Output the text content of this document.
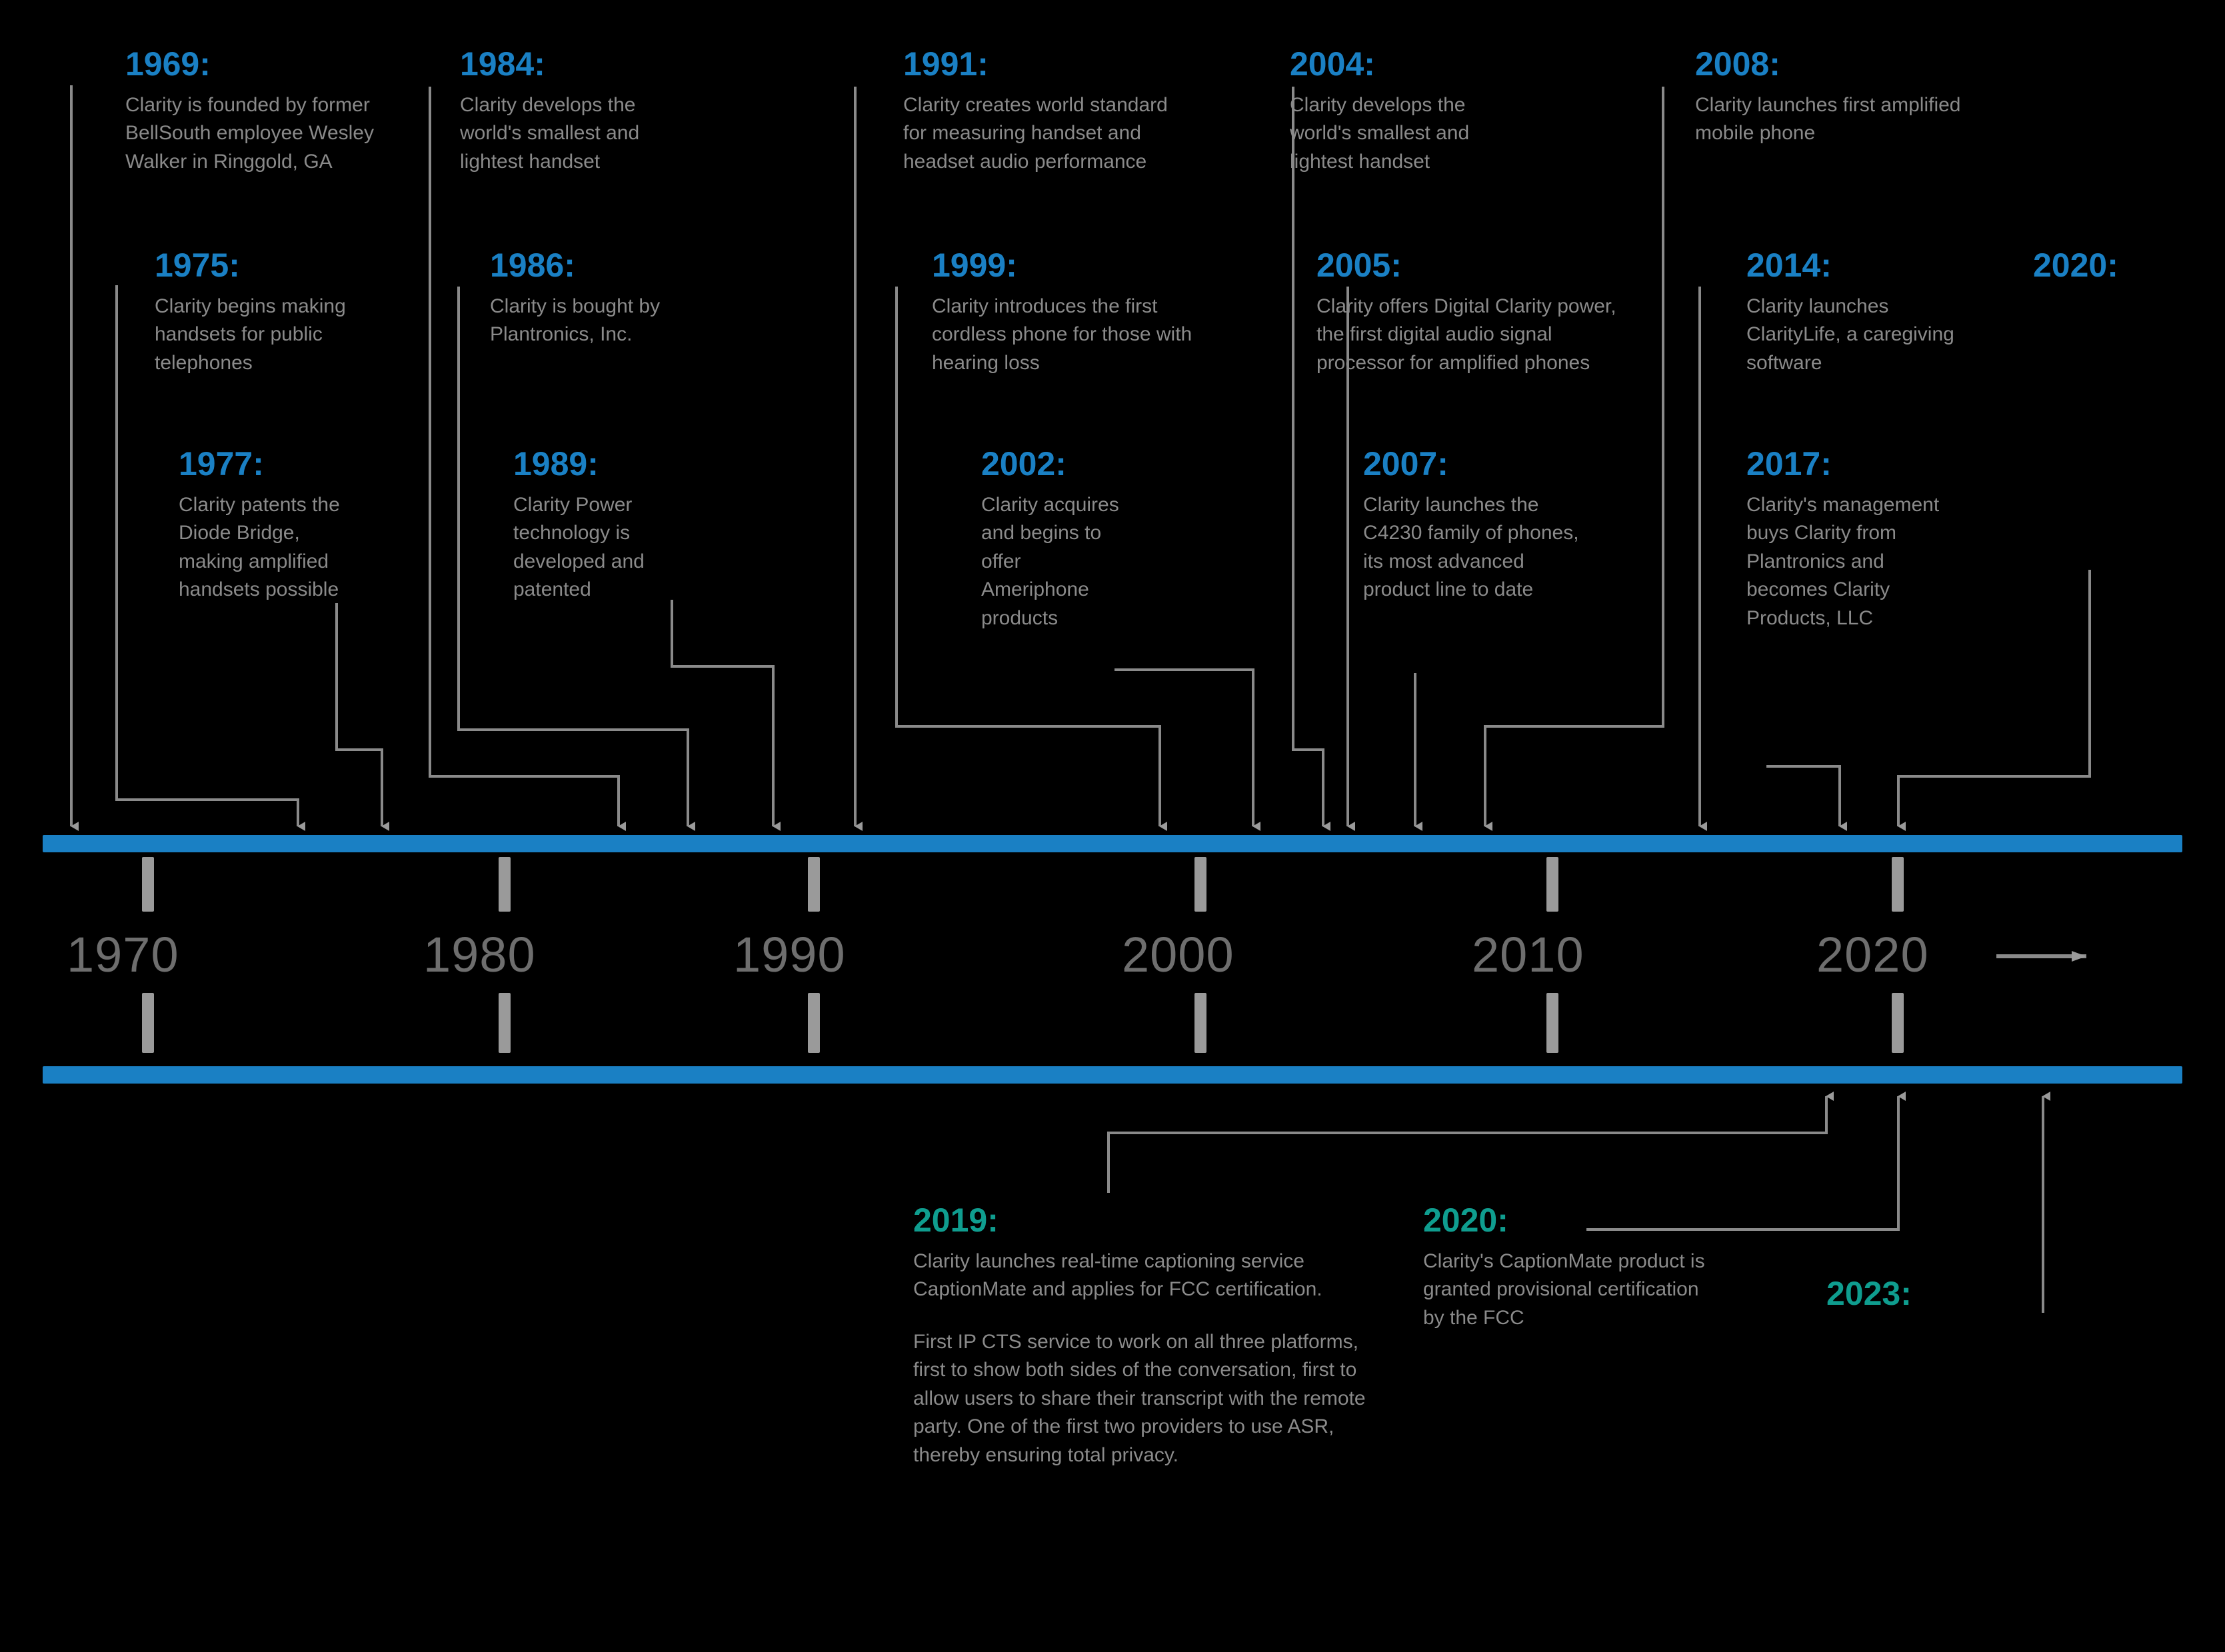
1970	1980	1990	2000	2010	2020
1969:
Clarity is founded by former BellSouth employee Wesley Walker in Ringgold, GA
1975:
Clarity begins making handsets for public telephones
1977:
Clarity patents the Diode Bridge, making amplified handsets possible
1984:
Clarity develops the world's smallest and lightest handset
1986:
Clarity is bought by Plantronics, Inc.
1989:
Clarity Power technology is developed and patented
1991:
Clarity creates world standard for measuring handset and headset audio performance
1999:
Clarity introduces the first cordless phone for those with hearing loss
2002:
Clarity acquires and begins to offer Ameriphone products
2004:
Clarity develops the world's smallest and lightest handset
2005:
Clarity offers Digital Clarity power, the first digital audio signal processor for amplified phones
2007:
Clarity launches the C4230 family of phones, its most advanced product line to date
2008:
Clarity launches first amplified mobile phone
2014:
Clarity launches ClarityLife, a caregiving software
2017:
Clarity's management buys Clarity from Plantronics and becomes Clarity Products, LLC
2020:
2019:
Clarity launches real-time captioning service CaptionMate and applies for FCC certification.
First IP CTS service to work on all three platforms, first to show both sides of the conversation, first to allow users to share their transcript with the remote party. One of the first two providers to use ASR, thereby ensuring total privacy.
2020:
Clarity's CaptionMate product is granted provisional certification by the FCC
2023:
